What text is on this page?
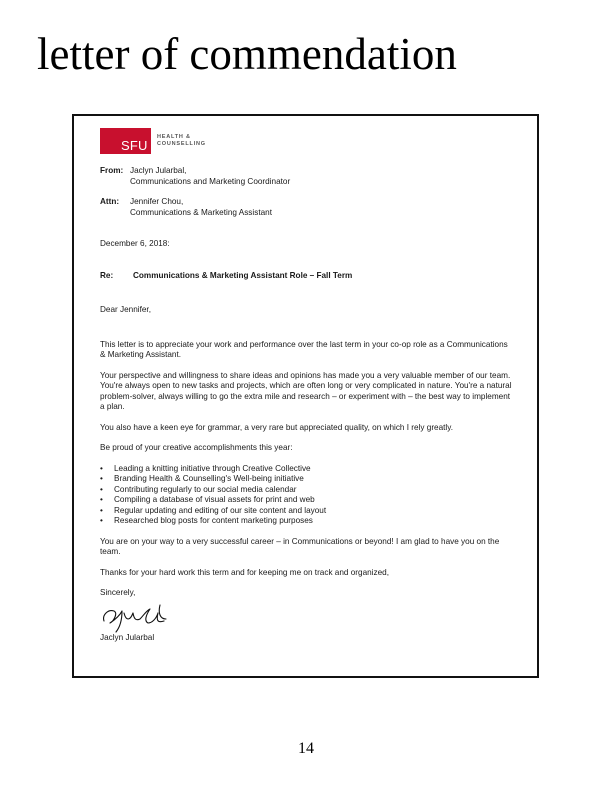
letter of commendation
SFU
HEALTH &
COUNSELLING
From: Jaclyn Jularbal,
Communications and Marketing Coordinator
Attn:	Jennifer Chou,
Communications & Marketing Assistant
December 6, 2018:
Re:	Communications & Marketing Assistant Role – Fall Term
Dear Jennifer,

This letter is to appreciate your work and performance over the last term in your co-op role as a Communications & Marketing Assistant.

Your perspective and willingness to share ideas and opinions has made you a very valuable member of our team. You're always open to new tasks and projects, which are often long or very complicated in nature. You're a natural problem-solver, always willing to go the extra mile and research – or experiment with – the best way to implement a plan.

You also have a keen eye for grammar, a very rare but appreciated quality, on which I rely greatly.

Be proud of your creative accomplishments this year:

• Leading a knitting initiative through Creative Collective
• Branding Health & Counselling's Well-being initiative
• Contributing regularly to our social media calendar
• Compiling a database of visual assets for print and web
• Regular updating and editing of our site content and layout
• Researched blog posts for content marketing purposes

You are on your way to a very successful career – in Communications or beyond! I am glad to have you on the team.

Thanks for your hard work this term and for keeping me on track and organized,

Sincerely,
Jaclyn Jularbal
14
